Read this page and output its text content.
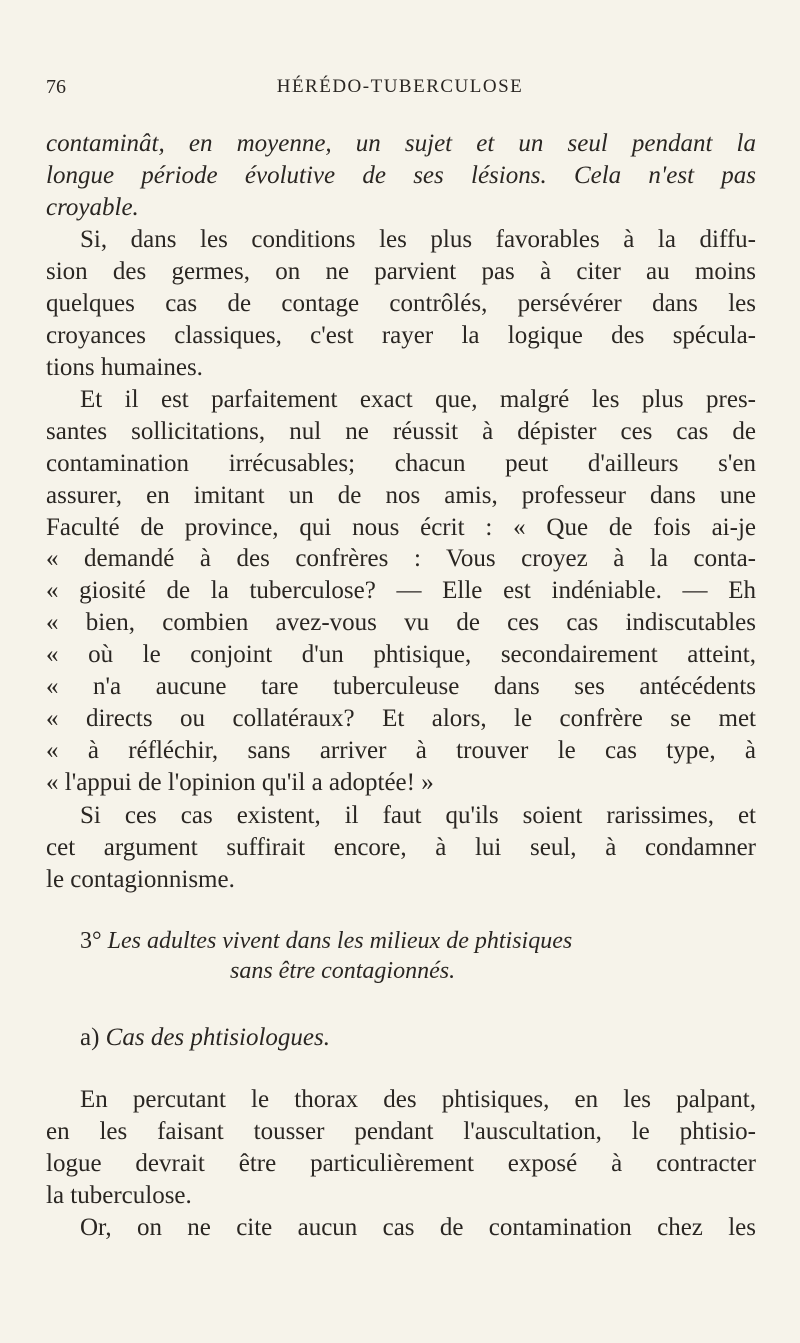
76	HÉRÉDO-TUBERCULOSE
contaminât, en moyenne, un sujet et un seul pendant la
longue période évolutive de ses lésions. Cela n'est pas
croyable.
Si, dans les conditions les plus favorables à la diffu-
sion des germes, on ne parvient pas à citer au moins
quelques cas de contage contrôlés, persévérer dans les
croyances classiques, c'est rayer la logique des spécula-
tions humaines.
Et il est parfaitement exact que, malgré les plus pres-
santes sollicitations, nul ne réussit à dépister ces cas de
contamination irrécusables; chacun peut d'ailleurs s'en
assurer, en imitant un de nos amis, professeur dans une
Faculté de province, qui nous écrit : « Que de fois ai-je
« demandé à des confrères : Vous croyez à la conta-
« giosité de la tuberculose? — Elle est indéniable. — Eh
« bien, combien avez-vous vu de ces cas indiscutables
« où le conjoint d'un phtisique, secondairement atteint,
« n'a aucune tare tuberculeuse dans ses antécédents
« directs ou collatéraux? Et alors, le confrère se met
« à réfléchir, sans arriver à trouver le cas type, à
« l'appui de l'opinion qu'il a adoptée! »
Si ces cas existent, il faut qu'ils soient rarissimes, et
cet argument suffirait encore, à lui seul, à condamner
le contagionnisme.
3° Les adultes vivent dans les milieux de phtisiques
sans être contagionnés.
a) Cas des phtisiologues.
En percutant le thorax des phtisiques, en les palpant,
en les faisant tousser pendant l'auscultation, le phtisio-
logue devrait être particulièrement exposé à contracter
la tuberculose.
Or, on ne cite aucun cas de contamination chez les
